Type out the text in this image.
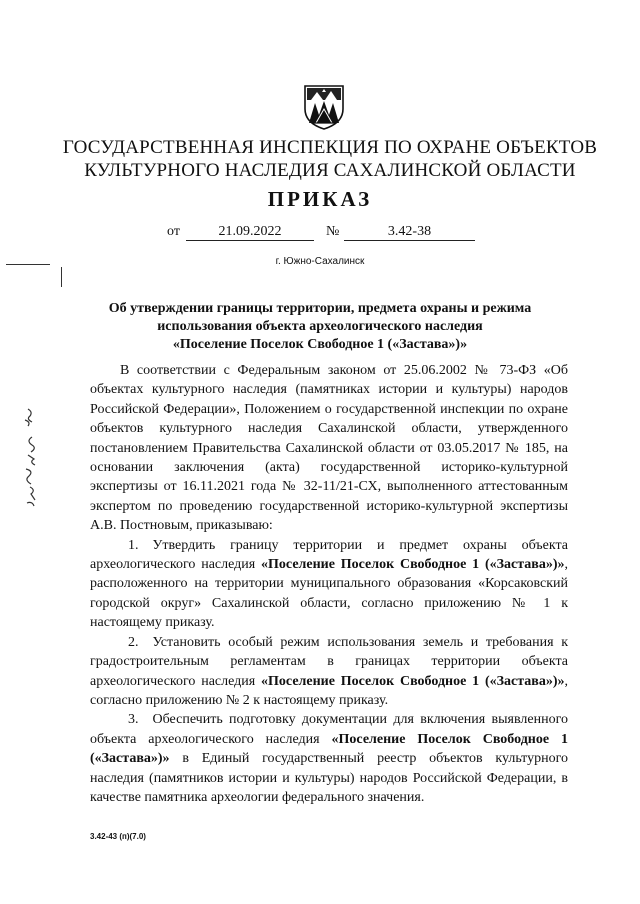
ГОСУДАРСТВЕННАЯ ИНСПЕКЦИЯ ПО ОХРАНЕ ОБЪЕКТОВ
КУЛЬТУРНОГО НАСЛЕДИЯ САХАЛИНСКОЙ ОБЛАСТИ
ПРИКАЗ
от	21.09.2022	№	3.42-38
г. Южно-Сахалинск
Об утверждении границы территории, предмета охраны и режима
использования объекта археологического наследия
«Поселение Поселок Свободное 1 («Застава»)»

В соответствии с Федеральным законом от 25.06.2002 № 73-ФЗ «Об объектах культурного наследия (памятниках истории и культуры) народов Российской Федерации», Положением о государственной инспекции по охране объектов культурного наследия Сахалинской области, утвержденного постановлением Правительства Сахалинской области от 03.05.2017 № 185, на основании заключения (акта) государственной историко-культурной экспертизы от 16.11.2021 года № 32-11/21-СХ, выполненного аттестованным экспертом по проведению государственной историко-культурной экспертизы А.В. Постновым, приказываю:

1. Утвердить границу территории и предмет охраны объекта археологического наследия «Поселение Поселок Свободное 1 («Застава»)», расположенного на территории муниципального образования «Корсаковский городской округ» Сахалинской области, согласно приложению № 1 к настоящему приказу.

2. Установить особый режим использования земель и требования к градостроительным регламентам в границах территории объекта археологического наследия «Поселение Поселок Свободное 1 («Застава»)», согласно приложению № 2 к настоящему приказу.

3. Обеспечить подготовку документации для включения выявленного объекта археологического наследия «Поселение Поселок Свободное 1 («Застава»)» в Единый государственный реестр объектов культурного наследия (памятников истории и культуры) народов Российской Федерации, в качестве памятника археологии федерального значения.

3.42-43 (п)(7.0)
